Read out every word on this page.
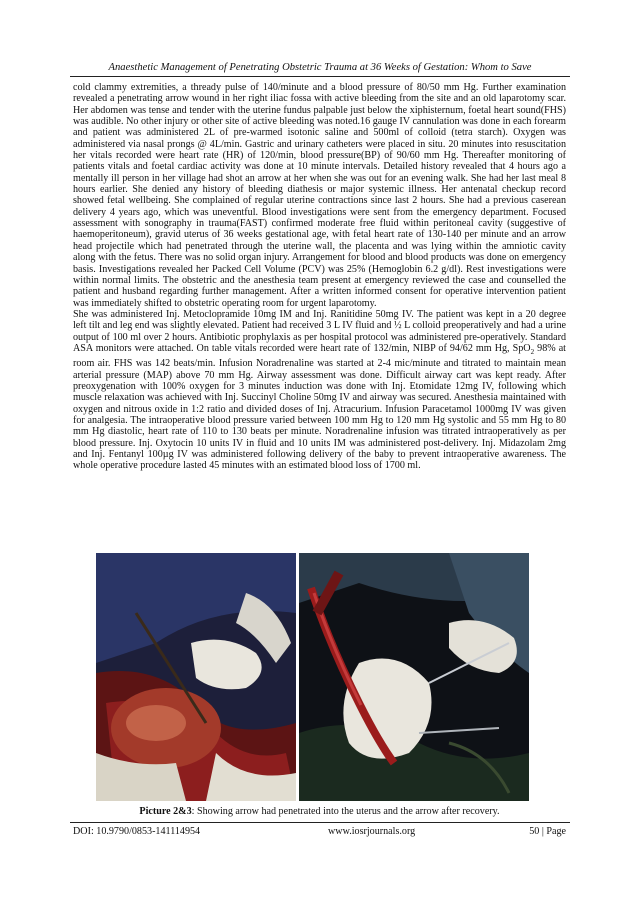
Anaesthetic Management of Penetrating Obstetric Trauma at 36 Weeks of Gestation: Whom to Save

cold clammy extremities, a thready pulse of 140/minute and a blood pressure of 80/50 mm Hg. Further examination revealed a penetrating arrow wound in her right iliac fossa with active bleeding from the site and an old laparotomy scar. Her abdomen was tense and tender with the uterine fundus palpable just below the xiphisternum, foetal heart sound(FHS) was audible. No other injury or other site of active bleeding was noted.16 gauge IV cannulation was done in each forearm and patient was administered 2L of pre-warmed isotonic saline and 500ml of colloid (tetra starch). Oxygen was administered via nasal prongs @ 4L/min. Gastric and urinary catheters were placed in situ. 20 minutes into resuscitation her vitals recorded were heart rate (HR) of 120/min, blood pressure(BP) of 90/60 mm Hg. Thereafter monitoring of patients vitals and foetal cardiac activity was done at 10 minute intervals. Detailed history revealed that 4 hours ago a mentally ill person in her village had shot an arrow at her when she was out for an evening walk. She had her last meal 8 hours earlier. She denied any history of bleeding diathesis or major systemic illness. Her antenatal checkup record showed fetal wellbeing. She complained of regular uterine contractions since last 2 hours. She had a previous caserean delivery 4 years ago, which was uneventful. Blood investigations were sent from the emergency department. Focused assessment with sonography in trauma(FAST) confirmed moderate free fluid within peritoneal cavity (suggestive of haemoperitoneum), gravid uterus of 36 weeks gestational age, with fetal heart rate of 130-140 per minute and an arrow head projectile which had penetrated through the uterine wall, the placenta and was lying within the amniotic cavity along with the fetus. There was no solid organ injury. Arrangement for blood and blood products was done on emergency basis. Investigations revealed her Packed Cell Volume (PCV) was 25% (Hemoglobin 6.2 g/dl). Rest investigations were within normal limits. The obstetric and the anesthesia team present at emergency reviewed the case and counselled the patient and husband regarding further management. After a written informed consent for operative intervention patient was immediately shifted to obstetric operating room for urgent laparotomy.

She was administered Inj. Metoclopramide 10mg IM and Inj. Ranitidine 50mg IV. The patient was kept in a 20 degree left tilt and leg end was slightly elevated. Patient had received 3 L IV fluid and ½ L colloid preoperatively and had a urine output of 100 ml over 2 hours. Antibiotic prophylaxis as per hospital protocol was administered pre-operatively. Standard ASA monitors were attached. On table vitals recorded were heart rate of 132/min, NIBP of 94/62 mm Hg, SpO$_2$ 98% at room air. FHS was 142 beats/min. Infusion Noradrenaline was started at 2-4 mic/minute and titrated to maintain mean arterial pressure (MAP) above 70 mm Hg. Airway assessment was done. Difficult airway cart was kept ready. After preoxygenation with 100% oxygen for 3 minutes induction was done with Inj. Etomidate 12mg IV, following which muscle relaxation was achieved with Inj. Succinyl Choline 50mg IV and airway was secured. Anesthesia maintained with oxygen and nitrous oxide in 1:2 ratio and divided doses of Inj. Atracurium. Infusion Paracetamol 1000mg IV was given for analgesia. The intraoperative blood pressure varied between 100 mm Hg to 120 mm Hg systolic and 55 mm Hg to 80 mm Hg diastolic, heart rate of 110 to 130 beats per minute. Noradrenaline infusion was titrated intraoperatively as per blood pressure. Inj. Oxytocin 10 units IV in fluid and 10 units IM was administered post-delivery. Inj. Midazolam 2mg and Inj. Fentanyl 100µg IV was administered following delivery of the baby to prevent intraoperative awareness. The whole operative procedure lasted 45 minutes with an estimated blood loss of 1700 ml.

Picture 2&3: Showing arrow had penetrated into the uterus and the arrow after recovery.
DOI: 10.9790/0853-141114954	www.iosrjournals.org	50 | Page
